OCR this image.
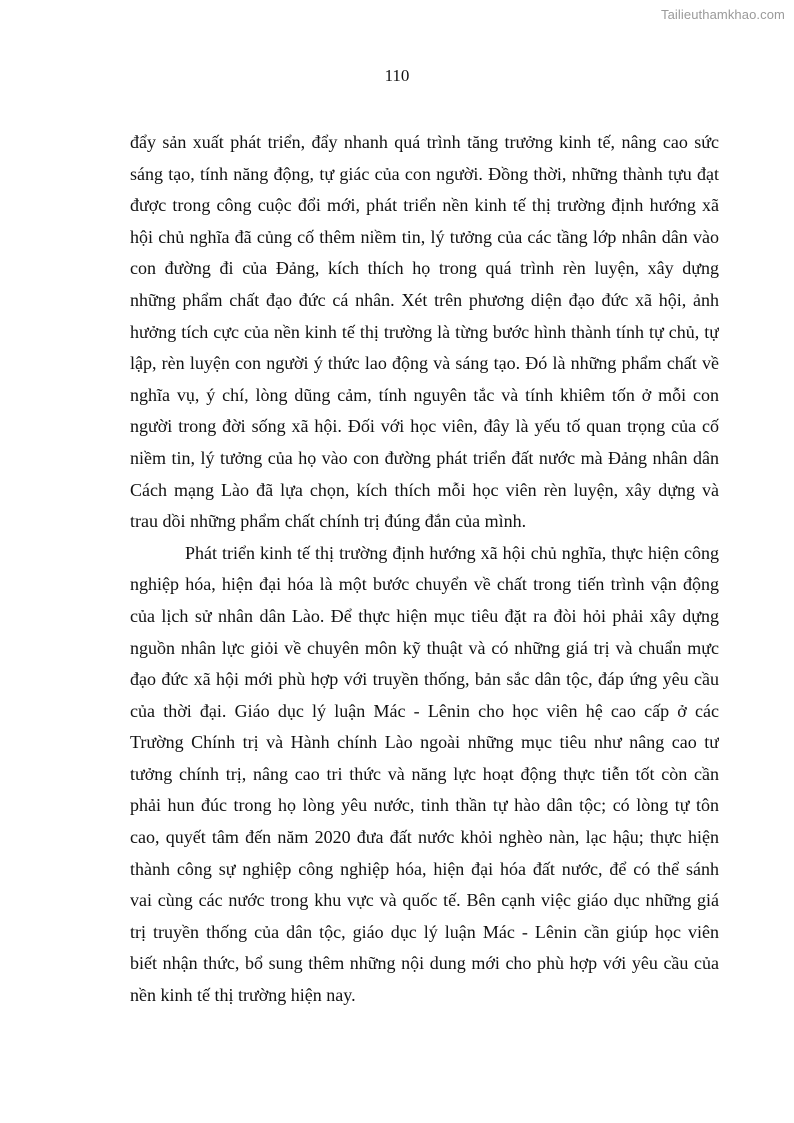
Tailieuthamkhao.com
110
đẩy sản xuất phát triển, đẩy nhanh quá trình tăng trưởng kinh tế, nâng cao sức
sáng tạo, tính năng động, tự giác của con người. Đồng thời, những thành tựu đạt
được trong công cuộc đổi mới, phát triển nền kinh tế thị trường định hướng xã
hội chủ nghĩa đã củng cố thêm niềm tin, lý tưởng của các tầng lớp nhân dân vào
con đường đi của Đảng, kích thích họ trong quá trình rèn luyện, xây dựng
những phẩm chất đạo đức cá nhân. Xét trên phương diện đạo đức xã hội, ảnh
hưởng tích cực của nền kinh tế thị trường là từng bước hình thành tính tự chủ, tự
lập, rèn luyện con người ý thức lao động và sáng tạo. Đó là những phẩm chất về
nghĩa vụ, ý chí, lòng dũng cảm, tính nguyên tắc và tính khiêm tốn ở mỗi con
người trong đời sống xã hội. Đối với học viên, đây là yếu tố quan trọng của cố
niềm tin, lý tưởng của họ vào con đường phát triển đất nước mà Đảng nhân dân
Cách mạng Lào đã lựa chọn, kích thích mỗi học viên rèn luyện, xây dựng và
trau dồi những phẩm chất chính trị đúng đắn của mình.
Phát triển kinh tế thị trường định hướng xã hội chủ nghĩa, thực hiện công
nghiệp hóa, hiện đại hóa là một bước chuyển về chất trong tiến trình vận động
của lịch sử nhân dân Lào. Để thực hiện mục tiêu đặt ra đòi hỏi phải xây dựng
nguồn nhân lực giỏi về chuyên môn kỹ thuật và có những giá trị và chuẩn mực
đạo đức xã hội mới phù hợp với truyền thống, bản sắc dân tộc, đáp ứng yêu cầu
của thời đại. Giáo dục lý luận Mác - Lênin cho học viên hệ cao cấp ở các
Trường Chính trị và Hành chính Lào ngoài những mục tiêu như nâng cao tư
tưởng chính trị, nâng cao tri thức và năng lực hoạt động thực tiễn tốt còn cần
phải hun đúc trong họ lòng yêu nước, tinh thần tự hào dân tộc; có lòng tự tôn
cao, quyết tâm đến năm 2020 đưa đất nước khỏi nghèo nàn, lạc hậu; thực hiện
thành công sự nghiệp công nghiệp hóa, hiện đại hóa đất nước, để có thể sánh
vai cùng các nước trong khu vực và quốc tế. Bên cạnh việc giáo dục những giá
trị truyền thống của dân tộc, giáo dục lý luận Mác - Lênin cần giúp học viên
biết nhận thức, bổ sung thêm những nội dung mới cho phù hợp với yêu cầu của
nền kinh tế thị trường hiện nay.
